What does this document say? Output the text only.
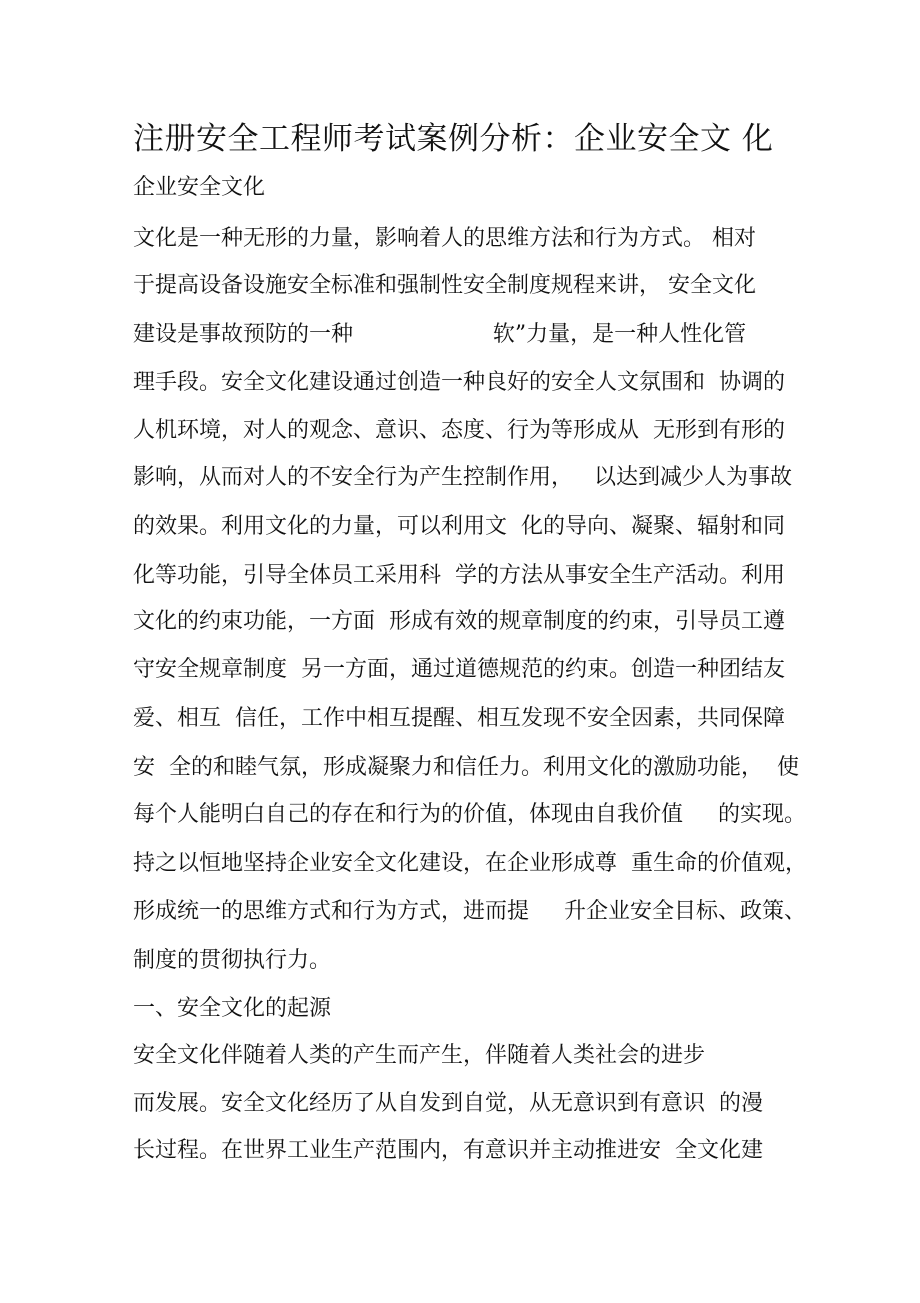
注册安全工程师考试案例分析：企业安全文 化
企业安全文化
文化是一种无形的力量，影响着人的思维方法和行为方式。 相对
于提高设备设施安全标准和强制性安全制度规程来讲， 安全文化
建设是事故预防的一种                    软”力量，是一种人性化管
理手段。安全文化建设通过创造一种良好的安全人文氛围和  协调的
人机环境，对人的观念、意识、态度、行为等形成从  无形到有形的
影响，从而对人的不安全行为产生控制作用，   以达到减少人为事故
的效果。利用文化的力量，可以利用文  化的导向、凝聚、辐射和同
化等功能，引导全体员工采用科  学的方法从事安全生产活动。利用
文化的约束功能，一方面  形成有效的规章制度的约束，引导员工遵
守安全规章制度  另一方面，通过道德规范的约束。创造一种团结友
爱、相互  信任，工作中相互提醒、相互发现不安全因素，共同保障
安  全的和睦气氛，形成凝聚力和信任力。利用文化的激励功能，  使
每个人能明白自己的存在和行为的价值，体现由自我价值     的实现。
持之以恒地坚持企业安全文化建设，在企业形成尊  重生命的价值观，
形成统一的思维方式和行为方式，进而提     升企业安全目标、政策、
制度的贯彻执行力。
一、安全文化的起源
安全文化伴随着人类的产生而产生，伴随着人类社会的进步
而发展。安全文化经历了从自发到自觉，从无意识到有意识  的漫
长过程。在世界工业生产范围内，有意识并主动推进安  全文化建
